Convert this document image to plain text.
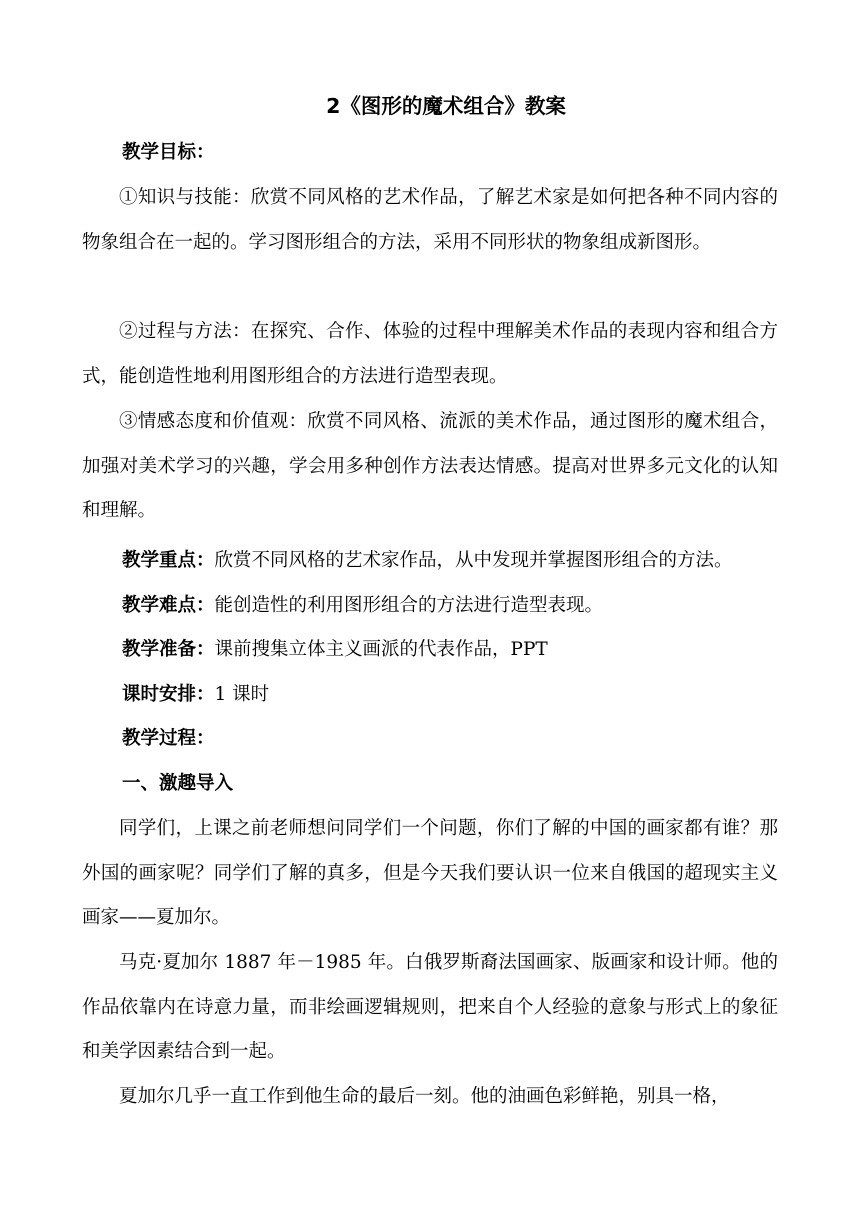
2《图形的魔术组合》教案
教学目标：

①知识与技能：欣赏不同风格的艺术作品，了解艺术家是如何把各种不同内容的物象组合在一起的。学习图形组合的方法，采用不同形状的物象组成新图形。

②过程与方法：在探究、合作、体验的过程中理解美术作品的表现内容和组合方式，能创造性地利用图形组合的方法进行造型表现。

③情感态度和价值观：欣赏不同风格、流派的美术作品，通过图形的魔术组合，加强对美术学习的兴趣，学会用多种创作方法表达情感。提高对世界多元文化的认知和理解。

教学重点：欣赏不同风格的艺术家作品，从中发现并掌握图形组合的方法。
教学难点：能创造性的利用图形组合的方法进行造型表现。
教学准备：课前搜集立体主义画派的代表作品，PPT
课时安排：1 课时
教学过程：
一、激趣导入

同学们，上课之前老师想问同学们一个问题，你们了解的中国的画家都有谁？那外国的画家呢？同学们了解的真多，但是今天我们要认识一位来自俄国的超现实主义画家——夏加尔。

马克·夏加尔 1887 年－1985 年。白俄罗斯裔法国画家、版画家和设计师。他的作品依靠内在诗意力量，而非绘画逻辑规则，把来自个人经验的意象与形式上的象征和美学因素结合到一起。

夏加尔几乎一直工作到他生命的最后一刻。他的油画色彩鲜艳，别具一格，
